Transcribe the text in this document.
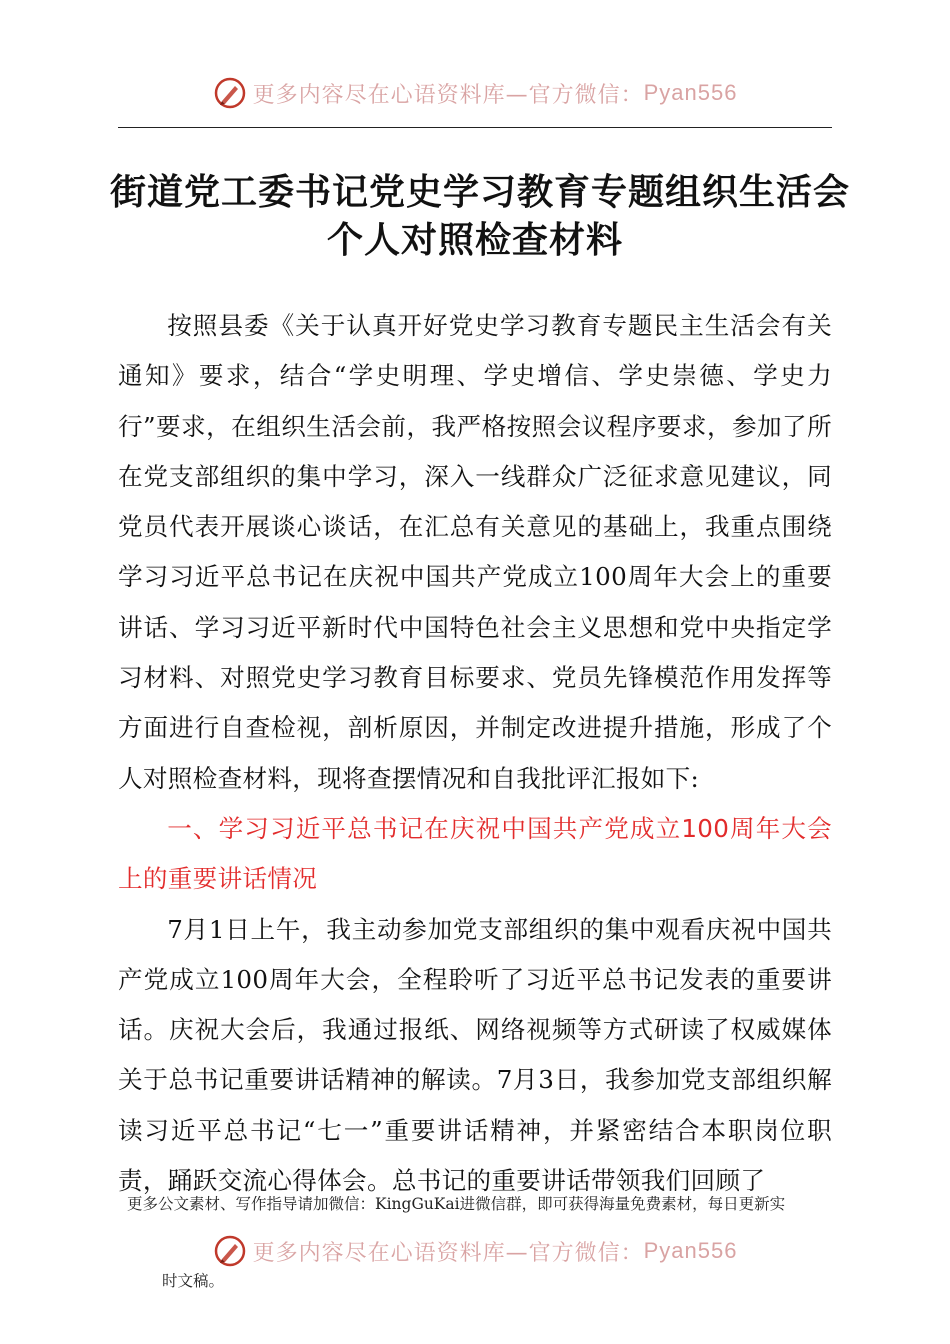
更多内容尽在心语资料库—官方微信： Pyan556
街道党工委书记党史学习教育专题组织生活会
个人对照检查材料

按照县委《关于认真开好党史学习教育专题民主生活会有关通知》要求，结合“学史明理、学史增信、学史崇德、学史力行”要求，在组织生活会前，我严格按照会议程序要求，参加了所在党支部组织的集中学习，深入一线群众广泛征求意见建议，同党员代表开展谈心谈话，在汇总有关意见的基础上，我重点围绕学习习近平总书记在庆祝中国共产党成立100周年大会上的重要讲话、学习习近平新时代中国特色社会主义思想和党中央指定学习材料、对照党史学习教育目标要求、党员先锋模范作用发挥等方面进行自查检视，剖析原因，并制定改进提升措施，形成了个人对照检查材料，现将查摆情况和自我批评汇报如下:

一、学习习近平总书记在庆祝中国共产党成立100周年大会上的重要讲话情况

7月1日上午，我主动参加党支部组织的集中观看庆祝中国共产党成立100周年大会，全程聆听了习近平总书记发表的重要讲话。庆祝大会后，我通过报纸、网络视频等方式研读了权威媒体关于总书记重要讲话精神的解读。7月3日，我参加党支部组织解读习近平总书记“七一”重要讲话精神，并紧密结合本职岗位职责，踊跃交流心得体会。总书记的重要讲话带领我们回顾了

更多公文素材、写作指导请加微信：KingGuKai进微信群，即可获得海量免费素材，每日更新实
更多内容尽在心语资料库—官方微信： Pyan556
时文稿。
